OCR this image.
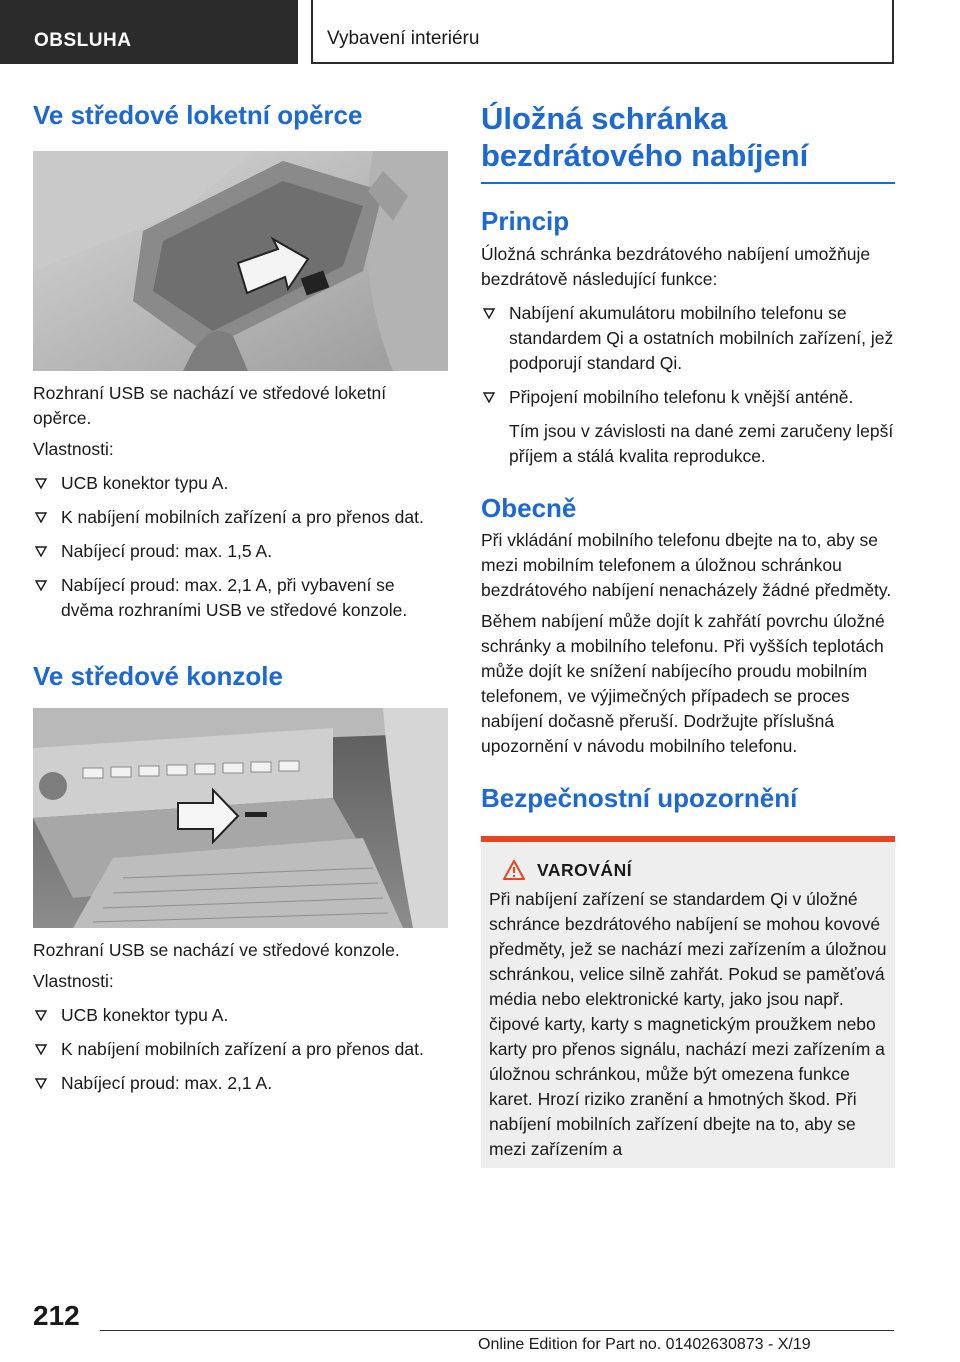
OBSLUHA	Vybavení interiéru
Ve středové loketní opěrce

Rozhraní USB se nachází ve středové loketní opěrce.

Vlastnosti:

UCB konektor typu A.
K nabíjení mobilních zařízení a pro přenos dat.
Nabíjecí proud: max. 1,5 A.
Nabíjecí proud: max. 2,1 A, při vybavení se dvěma rozhraními USB ve středové konzole.
Ve středové konzole

Rozhraní USB se nachází ve středové konzole.

Vlastnosti:

UCB konektor typu A.
K nabíjení mobilních zařízení a pro přenos dat.
Nabíjecí proud: max. 2,1 A.
Úložná schránka bezdrátového nabíjení
Princip

Úložná schránka bezdrátového nabíjení umožňuje bezdrátově následující funkce:

Nabíjení akumulátoru mobilního telefonu se standardem Qi a ostatních mobilních zařízení, jež podporují standard Qi.
Připojení mobilního telefonu k vnější anténě.
Tím jsou v závislosti na dané zemi zaručeny lepší příjem a stálá kvalita reprodukce.
Obecně

Při vkládání mobilního telefonu dbejte na to, aby se mezi mobilním telefonem a úložnou schránkou bezdrátového nabíjení nenacházely žádné předměty.

Během nabíjení může dojít k zahřátí povrchu úložné schránky a mobilního telefonu. Při vyšších teplotách může dojít ke snížení nabíjecího proudu mobilním telefonem, ve výjimečných případech se proces nabíjení dočasně přeruší. Dodržujte příslušná upozornění v návodu mobilního telefonu.

Bezpečnostní upozornění
VAROVÁNÍ

Při nabíjení zařízení se standardem Qi v úložné schránce bezdrátového nabíjení se mohou kovové předměty, jež se nachází mezi zařízením a úložnou schránkou, velice silně zahřát. Pokud se paměťová média nebo elektronické karty, jako jsou např. čipové karty, karty s magnetickým proužkem nebo karty pro přenos signálu, nachází mezi zařízením a úložnou schránkou, může být omezena funkce karet. Hrozí riziko zranění a hmotných škod. Při nabíjení mobilních zařízení dbejte na to, aby se mezi zařízením a

212
Online Edition for Part no. 01402630873 - X/19
